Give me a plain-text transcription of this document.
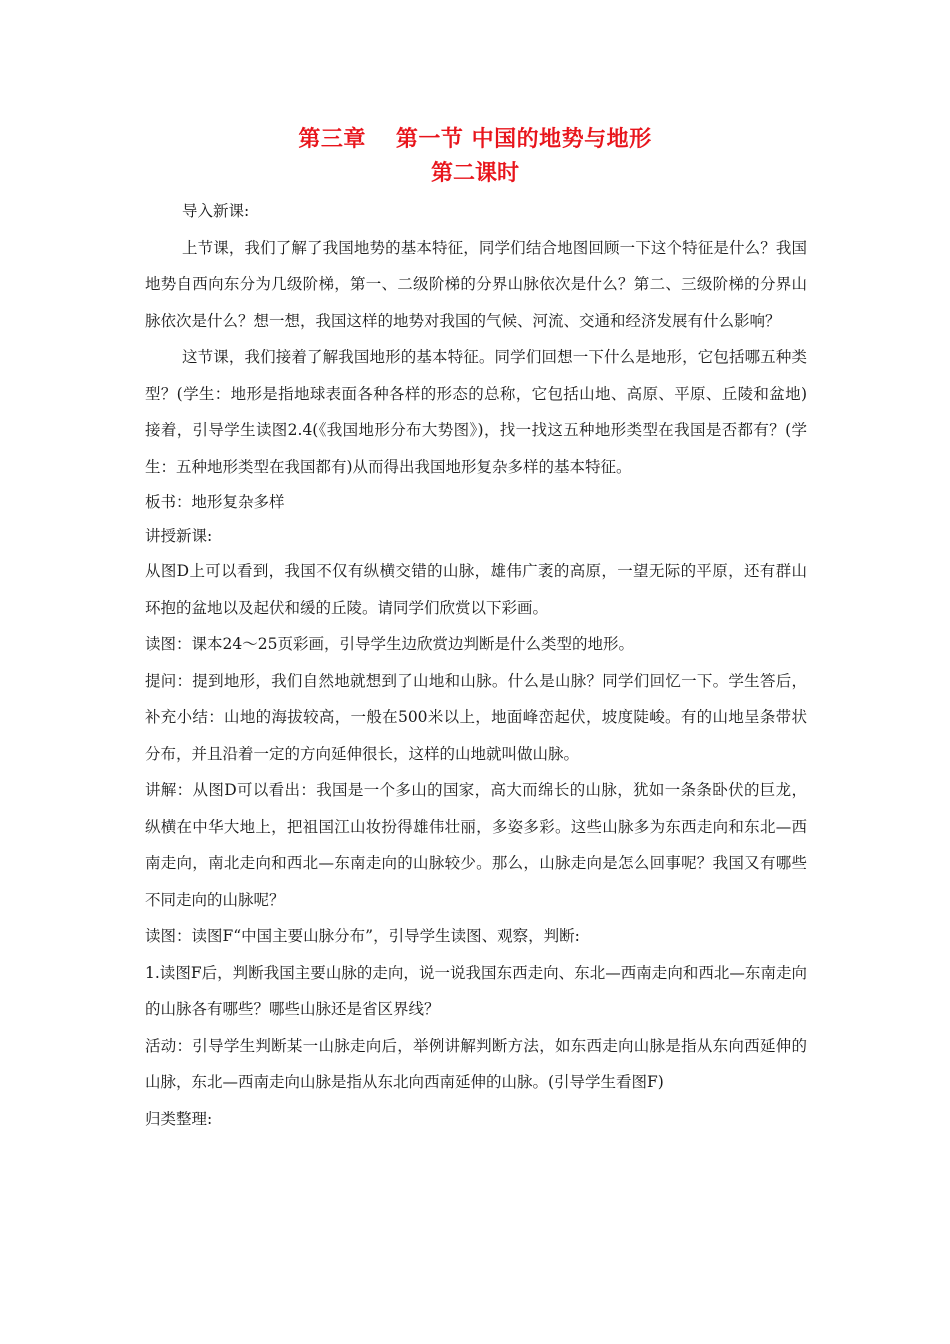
第三章 第一节 中国的地势与地形
第二课时

导入新课:

上节课，我们了解了我国地势的基本特征，同学们结合地图回顾一下这个特征是什么？我国地势自西向东分为几级阶梯，第一、二级阶梯的分界山脉依次是什么？第二、三级阶梯的分界山脉依次是什么？想一想，我国这样的地势对我国的气候、河流、交通和经济发展有什么影响？

这节课，我们接着了解我国地形的基本特征。同学们回想一下什么是地形，它包括哪五种类型？(学生：地形是指地球表面各种各样的形态的总称，它包括山地、高原、平原、丘陵和盆地)接着，引导学生读图2.4(《我国地形分布大势图》)，找一找这五种地形类型在我国是否都有？(学生：五种地形类型在我国都有)从而得出我国地形复杂多样的基本特征。

板书：地形复杂多样

讲授新课:

从图D上可以看到，我国不仅有纵横交错的山脉，雄伟广袤的高原，一望无际的平原，还有群山环抱的盆地以及起伏和缓的丘陵。请同学们欣赏以下彩画。

读图：课本24～25页彩画，引导学生边欣赏边判断是什么类型的地形。

提问：提到地形，我们自然地就想到了山地和山脉。什么是山脉？同学们回忆一下。学生答后，补充小结：山地的海拔较高，一般在500米以上，地面峰峦起伏，坡度陡峻。有的山地呈条带状分布，并且沿着一定的方向延伸很长，这样的山地就叫做山脉。

讲解：从图D可以看出：我国是一个多山的国家，高大而绵长的山脉，犹如一条条卧伏的巨龙，纵横在中华大地上，把祖国江山妆扮得雄伟壮丽，多姿多彩。这些山脉多为东西走向和东北—西南走向，南北走向和西北—东南走向的山脉较少。那么，山脉走向是怎么回事呢？我国又有哪些不同走向的山脉呢？

读图：读图F“中国主要山脉分布”，引导学生读图、观察，判断:

1.读图F后，判断我国主要山脉的走向，说一说我国东西走向、东北—西南走向和西北—东南走向的山脉各有哪些？哪些山脉还是省区界线？

活动：引导学生判断某一山脉走向后，举例讲解判断方法，如东西走向山脉是指从东向西延伸的山脉，东北—西南走向山脉是指从东北向西南延伸的山脉。(引导学生看图F)

归类整理:
